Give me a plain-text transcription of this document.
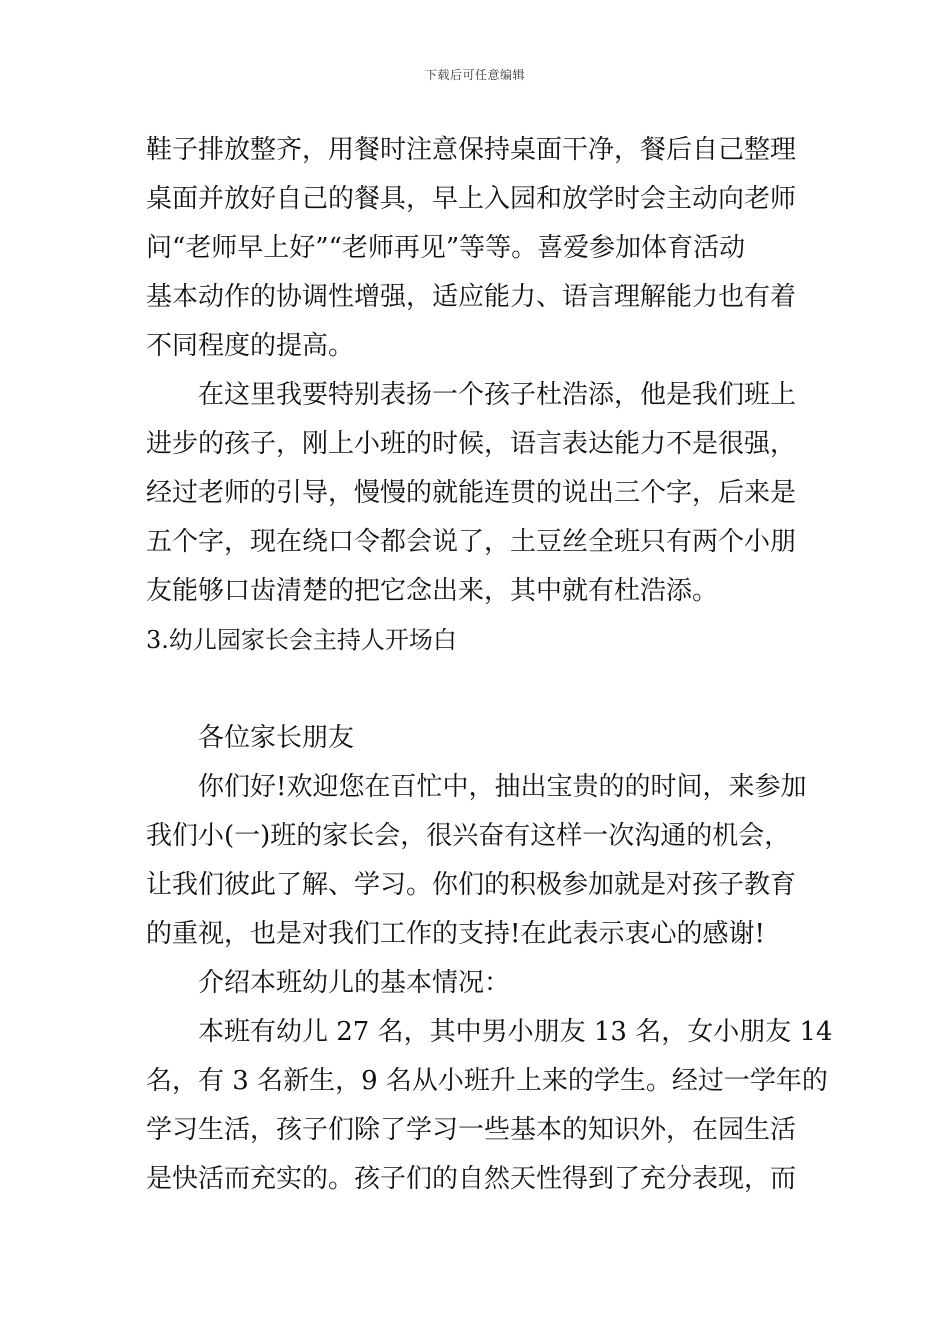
下载后可任意编辑
鞋子排放整齐，用餐时注意保持桌面干净，餐后自己整理
桌面并放好自己的餐具，早上入园和放学时会主动向老师
问“老师早上好”“老师再见”等等。喜爱参加体育活动
基本动作的协调性增强，适应能力、语言理解能力也有着
不同程度的提高。
在这里我要特别表扬一个孩子杜浩添，他是我们班上
进步的孩子，刚上小班的时候，语言表达能力不是很强，
经过老师的引导，慢慢的就能连贯的说出三个字，后来是
五个字，现在绕口令都会说了，土豆丝全班只有两个小朋
友能够口齿清楚的把它念出来，其中就有杜浩添。
3.幼儿园家长会主持人开场白
各位家长朋友
你们好!欢迎您在百忙中，抽出宝贵的的时间，来参加
我们小(一)班的家长会，很兴奋有这样一次沟通的机会，
让我们彼此了解、学习。你们的积极参加就是对孩子教育
的重视，也是对我们工作的支持!在此表示衷心的感谢!
介绍本班幼儿的基本情况：
本班有幼儿 27 名，其中男小朋友 13 名，女小朋友 14
名，有 3 名新生，9 名从小班升上来的学生。经过一学年的
学习生活，孩子们除了学习一些基本的知识外，在园生活
是快活而充实的。孩子们的自然天性得到了充分表现，而
